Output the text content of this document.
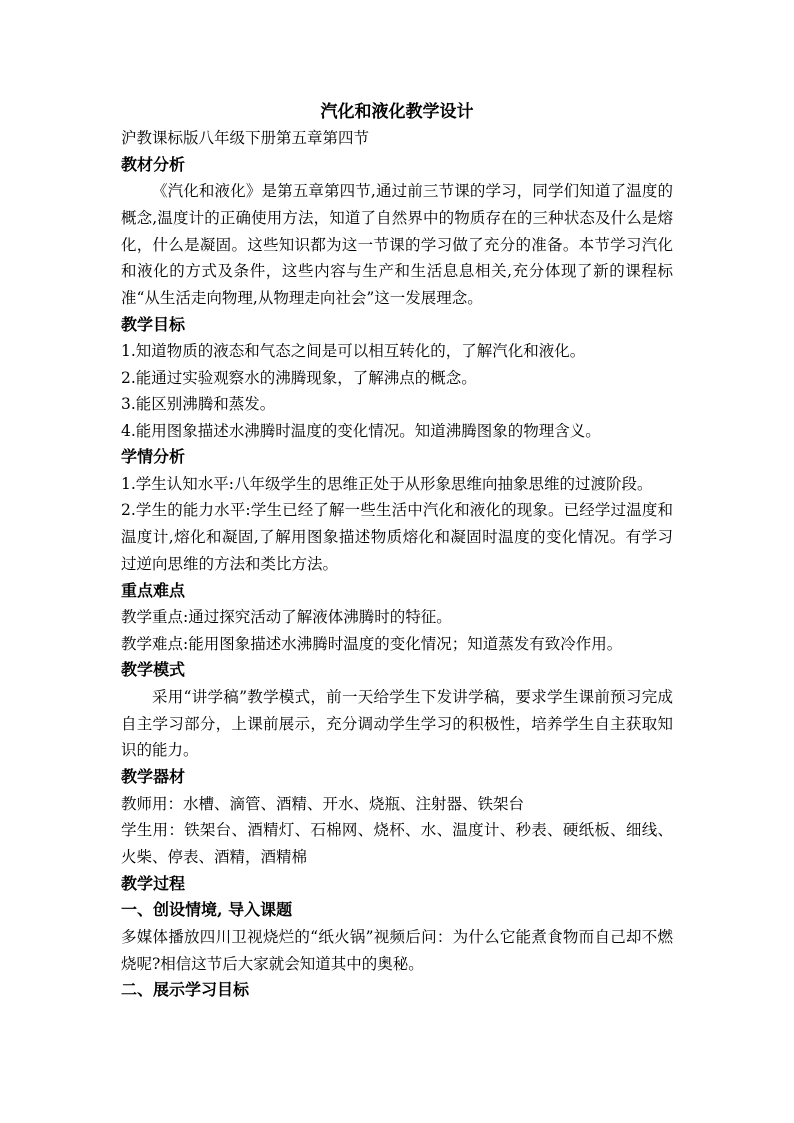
汽化和液化教学设计

沪教课标版八年级下册第五章第四节

教材分析

《汽化和液化》是第五章第四节,通过前三节课的学习，同学们知道了温度的概念,温度计的正确使用方法，知道了自然界中的物质存在的三种状态及什么是熔化，什么是凝固。这些知识都为这一节课的学习做了充分的准备。本节学习汽化和液化的方式及条件，这些内容与生产和生活息息相关,充分体现了新的课程标准“从生活走向物理,从物理走向社会”这一发展理念。

教学目标

1.知道物质的液态和气态之间是可以相互转化的，了解汽化和液化。

2.能通过实验观察水的沸腾现象，了解沸点的概念。

3.能区别沸腾和蒸发。

4.能用图象描述水沸腾时温度的变化情况。知道沸腾图象的物理含义。

学情分析

1.学生认知水平:八年级学生的思维正处于从形象思维向抽象思维的过渡阶段。

2.学生的能力水平:学生已经了解一些生活中汽化和液化的现象。已经学过温度和温度计,熔化和凝固,了解用图象描述物质熔化和凝固时温度的变化情况。有学习过逆向思维的方法和类比方法。

重点难点

教学重点:通过探究活动了解液体沸腾时的特征。

教学难点:能用图象描述水沸腾时温度的变化情况；知道蒸发有致冷作用。

教学模式

采用“讲学稿”教学模式，前一天给学生下发讲学稿，要求学生课前预习完成自主学习部分，上课前展示，充分调动学生学习的积极性，培养学生自主获取知识的能力。

教学器材

教师用：水槽、滴管、酒精、开水、烧瓶、注射器、铁架台

学生用：铁架台、酒精灯、石棉网、烧杯、水、温度计、秒表、硬纸板、细线、火柴、停表、酒精，酒精棉

教学过程
一、创设情境, 导入课题

多媒体播放四川卫视烧烂的“纸火锅”视频后问：为什么它能煮食物而自己却不燃烧呢?相信这节后大家就会知道其中的奥秘。

二、展示学习目标
